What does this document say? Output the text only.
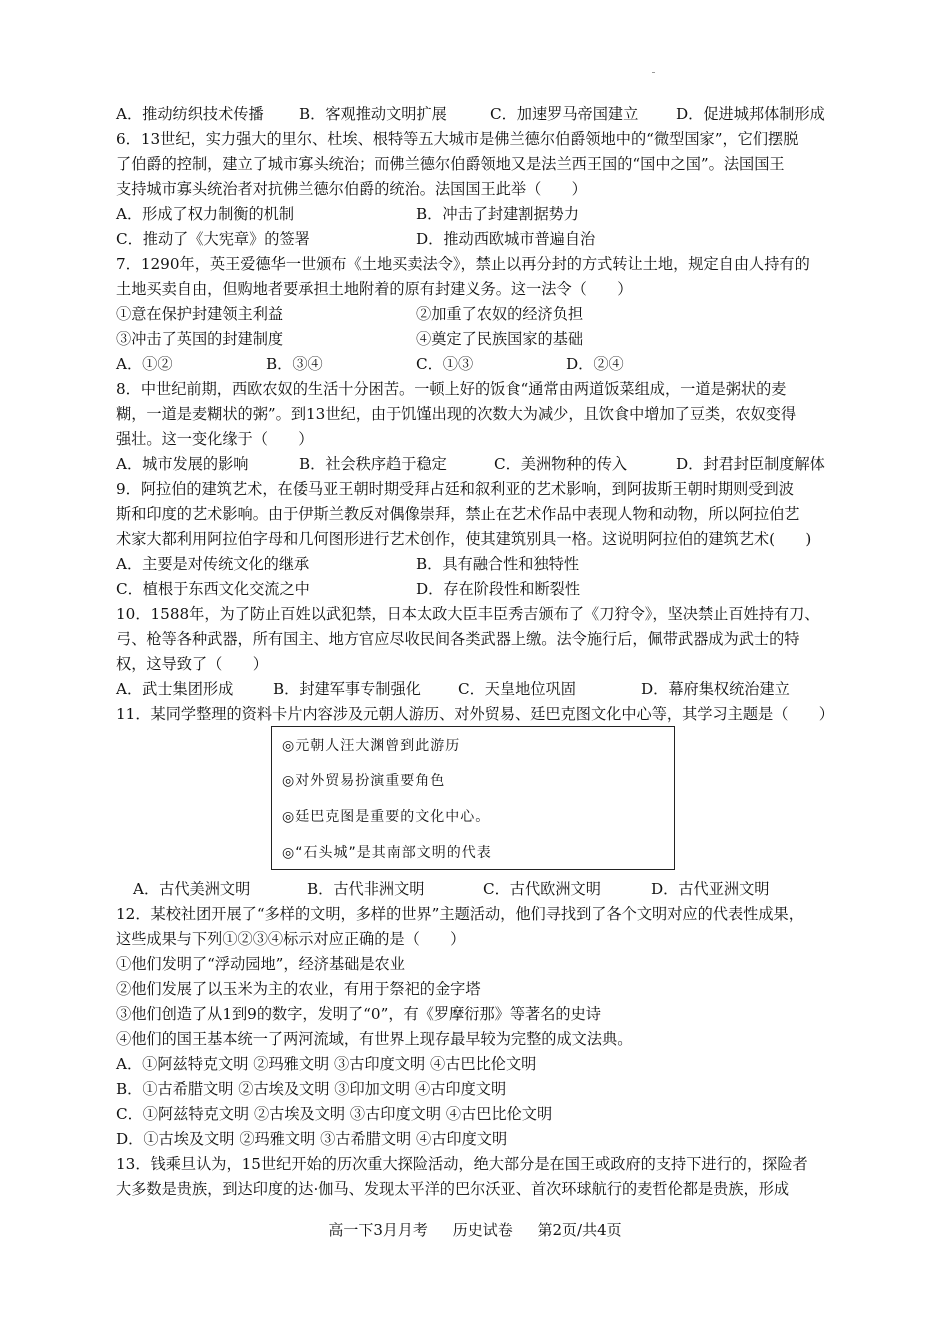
A．推动纺织技术传播 B．客观推动文明扩展	C．加速罗马帝国建立 D．促进城邦体制形成
6．13世纪，实力强大的里尔、杜埃、根特等五大城市是佛兰德尔伯爵领地中的“微型国家”，它们摆脱
了伯爵的控制，建立了城市寡头统治；而佛兰德尔伯爵领地又是法兰西王国的“国中之国”。法国国王
支持城市寡头统治者对抗佛兰德尔伯爵的统治。法国国王此举（　　）
A．形成了权力制衡的机制	B．冲击了封建割据势力
C．推动了《大宪章》的签署	D．推动西欧城市普遍自治
7．1290年，英王爱德华一世颁布《土地买卖法令》，禁止以再分封的方式转让土地，规定自由人持有的
土地买卖自由，但购地者要承担土地附着的原有封建义务。这一法令（　　）
①意在保护封建领主利益	②加重了农奴的经济负担
③冲击了英国的封建制度	④奠定了民族国家的基础
A．①②	B．③④	C．①③	D．②④
8．中世纪前期，西欧农奴的生活十分困苦。一顿上好的饭食“通常由两道饭菜组成，一道是粥状的麦
糊，一道是麦糊状的粥”。到13世纪，由于饥馑出现的次数大为减少，且饮食中增加了豆类，农奴变得
强壮。这一变化缘于（　　）
A．城市发展的影响	B．社会秩序趋于稳定	C．美洲物种的传入	D．封君封臣制度解体
9．阿拉伯的建筑艺术，在倭马亚王朝时期受拜占廷和叙利亚的艺术影响，到阿拔斯王朝时期则受到波
斯和印度的艺术影响。由于伊斯兰教反对偶像崇拜，禁止在艺术作品中表现人物和动物，所以阿拉伯艺
术家大都利用阿拉伯字母和几何图形进行艺术创作，使其建筑别具一格。这说明阿拉伯的建筑艺术(　　)
A．主要是对传统文化的继承	B．具有融合性和独特性
C．植根于东西文化交流之中	D．存在阶段性和断裂性
10．1588年，为了防止百姓以武犯禁，日本太政大臣丰臣秀吉颁布了《刀狩令》，坚决禁止百姓持有刀、
弓、枪等各种武器，所有国主、地方官应尽收民间各类武器上缴。法令施行后，佩带武器成为武士的特
权，这导致了（　　）
A．武士集团形成	B．封建军事专制强化 C．天皇地位巩固	D．幕府集权统治建立
11．某同学整理的资料卡片内容涉及元朝人游历、对外贸易、廷巴克图文化中心等，其学习主题是（　　）
◎元朝人汪大渊曾到此游历
◎对外贸易扮演重要角色
◎廷巴克图是重要的文化中心。
◎“石头城”是其南部文明的代表
A．古代美洲文明	B．古代非洲文明	C．古代欧洲文明	D．古代亚洲文明
12．某校社团开展了“多样的文明，多样的世界”主题活动，他们寻找到了各个文明对应的代表性成果，
这些成果与下列①②③④标示对应正确的是（　　）
①他们发明了“浮动园地”，经济基础是农业
②他们发展了以玉米为主的农业，有用于祭祀的金字塔
③他们创造了从1到9的数字，发明了“0”，有《罗摩衍那》等著名的史诗
④他们的国王基本统一了两河流域，有世界上现存最早较为完整的成文法典。
A．①阿兹特克文明 ②玛雅文明 ③古印度文明 ④古巴比伦文明
B．①古希腊文明 ②古埃及文明 ③印加文明 ④古印度文明
C．①阿兹特克文明 ②古埃及文明 ③古印度文明 ④古巴比伦文明
D．①古埃及文明 ②玛雅文明 ③古希腊文明 ④古印度文明
13．钱乘旦认为，15世纪开始的历次重大探险活动，绝大部分是在国王或政府的支持下进行的，探险者
大多数是贵族，到达印度的达·伽马、发现太平洋的巴尔沃亚、首次环球航行的麦哲伦都是贵族，形成
高一下3月月考 历史试卷 第2页/共4页
